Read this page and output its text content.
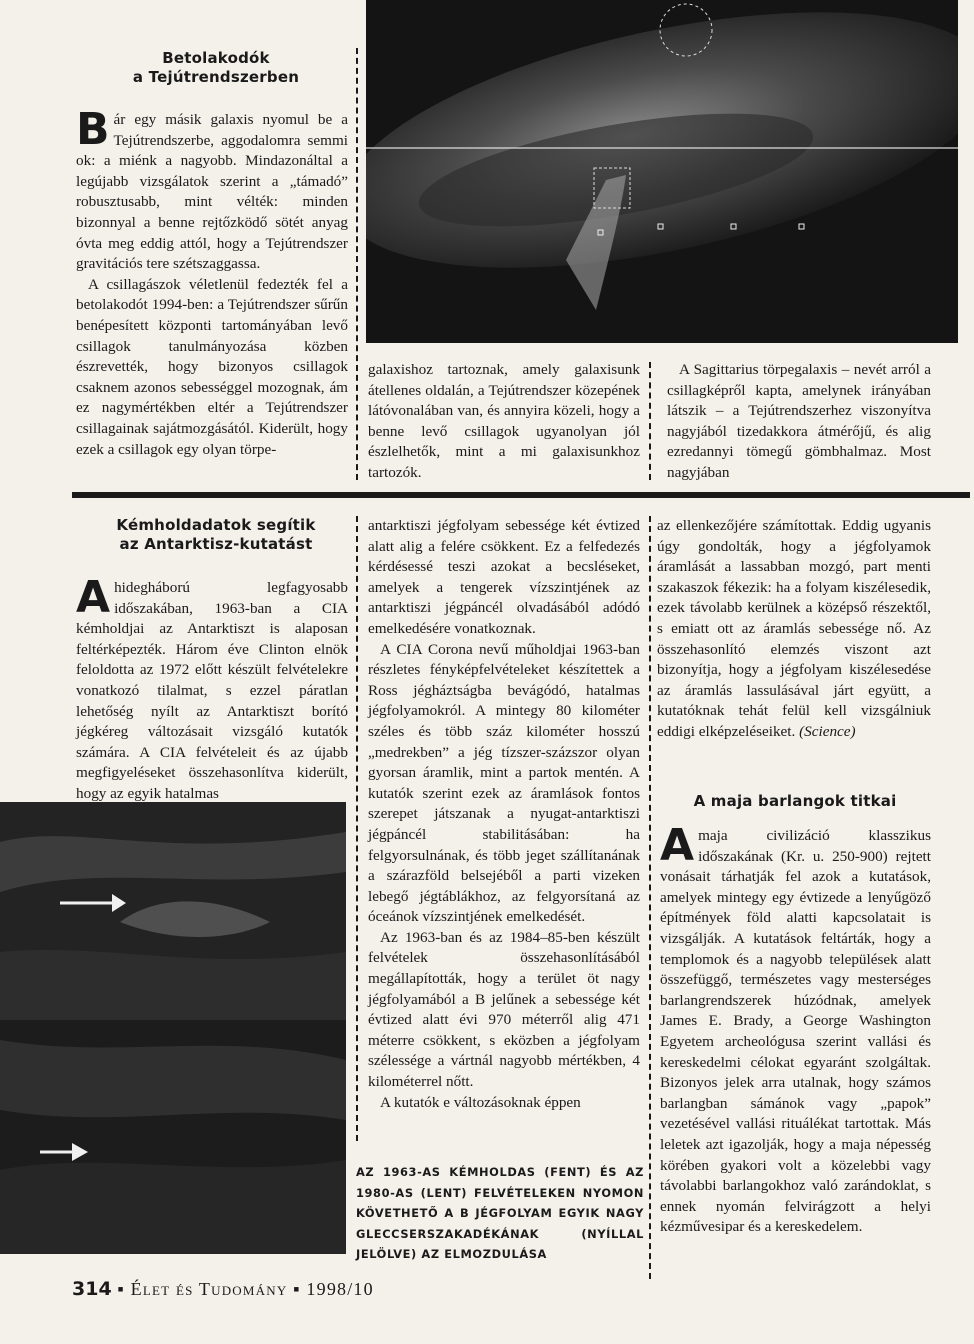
Betolakodók
a Tejútrendszerben

Bár egy másik galaxis nyomul be a Tejútrendszerbe, aggodalomra semmi ok: a miénk a nagyobb. Mindazonáltal a legújabb vizsgálatok szerint a „támadó” robusztusabb, mint vélték: minden bizonnyal a benne rejtőzködő sötét anyag óvta meg eddig attól, hogy a Tejútrendszer gravitációs tere szétszaggassa.

A csillagászok véletlenül fedezték fel a betolakodót 1994-ben: a Tejútrendszer sűrűn benépesített központi tartományában levő csillagok tanulmányozása közben észrevették, hogy bizonyos csillagok csaknem azonos sebességgel mozognak, ám ez nagymértékben eltér a Tejútrendszer csillagainak sajátmozgásától. Kiderült, hogy ezek a csillagok egy olyan törpe-

galaxishoz tartoznak, amely galaxisunk átellenes oldalán, a Tejútrendszer közepének látóvonalában van, és annyira közeli, hogy a benne levő csillagok ugyanolyan jól észlelhetők, mint a mi galaxisunkhoz tartozók.

A Sagittarius törpegalaxis – nevét arról a csillagképről kapta, amelynek irányában látszik – a Tejútrendszerhez viszonyítva nagyjából tizedakkora átmérőjű, és alig ezredannyi tömegű gömbhalmaz. Most nagyjában

Kémholdadatok segítik
az Antarktisz-kutatást

Ahidegháború legfagyosabb időszakában, 1963-ban a CIA kémholdjai az Antarktiszt is alaposan feltérképezték. Három éve Clinton elnök feloldotta az 1972 előtt készült felvételekre vonatkozó tilalmat, s ezzel páratlan lehetőség nyílt az Antarktiszt borító jégkéreg változásait vizsgáló kutatók számára. A CIA felvételeit és az újabb megfigyeléseket összehasonlítva kiderült, hogy az egyik hatalmas

antarktiszi jégfolyam sebessége két évtized alatt alig a felére csökkent. Ez a felfedezés kérdésessé teszi azokat a becsléseket, amelyek a tengerek vízszintjének az antarktiszi jégpáncél olvadásából adódó emelkedésére vonatkoznak.

A CIA Corona nevű műholdjai 1963-ban részletes fényképfelvételeket készítettek a Ross jégháztságba bevágódó, hatalmas jégfolyamokról. A mintegy 80 kilométer széles és több száz kilométer hosszú „medrekben” a jég tízszer-százszor olyan gyorsan áramlik, mint a partok mentén. A kutatók szerint ezek az áramlások fontos szerepet játszanak a nyugat-antarktiszi jégpáncél stabilitásában: ha felgyorsulnának, és több jeget szállítanának a szárazföld belsejéből a parti vizeken lebegő jégtáblákhoz, az felgyorsítaná az óceánok vízszintjének emelkedését.

Az 1963-ban és az 1984–85-ben készült felvételek összehasonlításából megállapították, hogy a terület öt nagy jégfolyamából a B jelűnek a sebessége két évtized alatt évi 970 méterről alig 471 méterre csökkent, s eközben a jégfolyam szélessége a vártnál nagyobb mértékben, 4 kilométerrel nőtt.

A kutatók e változásoknak éppen

AZ 1963-AS KÉMHOLDAS (FENT) ÉS AZ 1980-AS (LENT) FELVÉTELEKEN NYOMON KÖVETHETŐ A B JÉGFOLYAM EGYIK NAGY GLECCSERSZAKADÉKÁNAK (NYÍLLAL JELÖLVE) AZ ELMOZDULÁSA

az ellenkezőjére számítottak. Eddig ugyanis úgy gondolták, hogy a jégfolyamok áramlását a lassabban mozgó, part menti szakaszok fékezik: ha a folyam kiszélesedik, ezek távolabb kerülnek a középső részektől, s emiatt ott az áramlás sebessége nő. Az összehasonlító elemzés viszont azt bizonyítja, hogy a jégfolyam kiszélesedése az áramlás lassulásával járt együtt, a kutatóknak tehát felül kell vizsgálniuk eddigi elképzeléseiket. (Science)

A maja barlangok titkai

Amaja civilizáció klasszikus időszakának (Kr. u. 250-900) rejtett vonásait tárhatják fel azok a kutatások, amelyek mintegy egy évtizede a lenyűgöző építmények föld alatti kapcsolatait is vizsgálják. A kutatások feltárták, hogy a templomok és a nagyobb települések alatt összefüggő, természetes vagy mesterséges barlangrendszerek húzódnak, amelyek James E. Brady, a George Washington Egyetem archeológusa szerint vallási és kereskedelmi célokat egyaránt szolgáltak. Bizonyos jelek arra utalnak, hogy számos barlangban sámánok vagy „papok” vezetésével vallási rituálékat tartottak. Más leletek azt igazolják, hogy a maja népesség körében gyakori volt a közelebbi vagy távolabbi barlangokhoz való zarándoklat, s ennek nyomán felvirágzott a helyi kézművesipar és a kereskedelem.

314 ▪ Élet és Tudomány ▪ 1998/10
